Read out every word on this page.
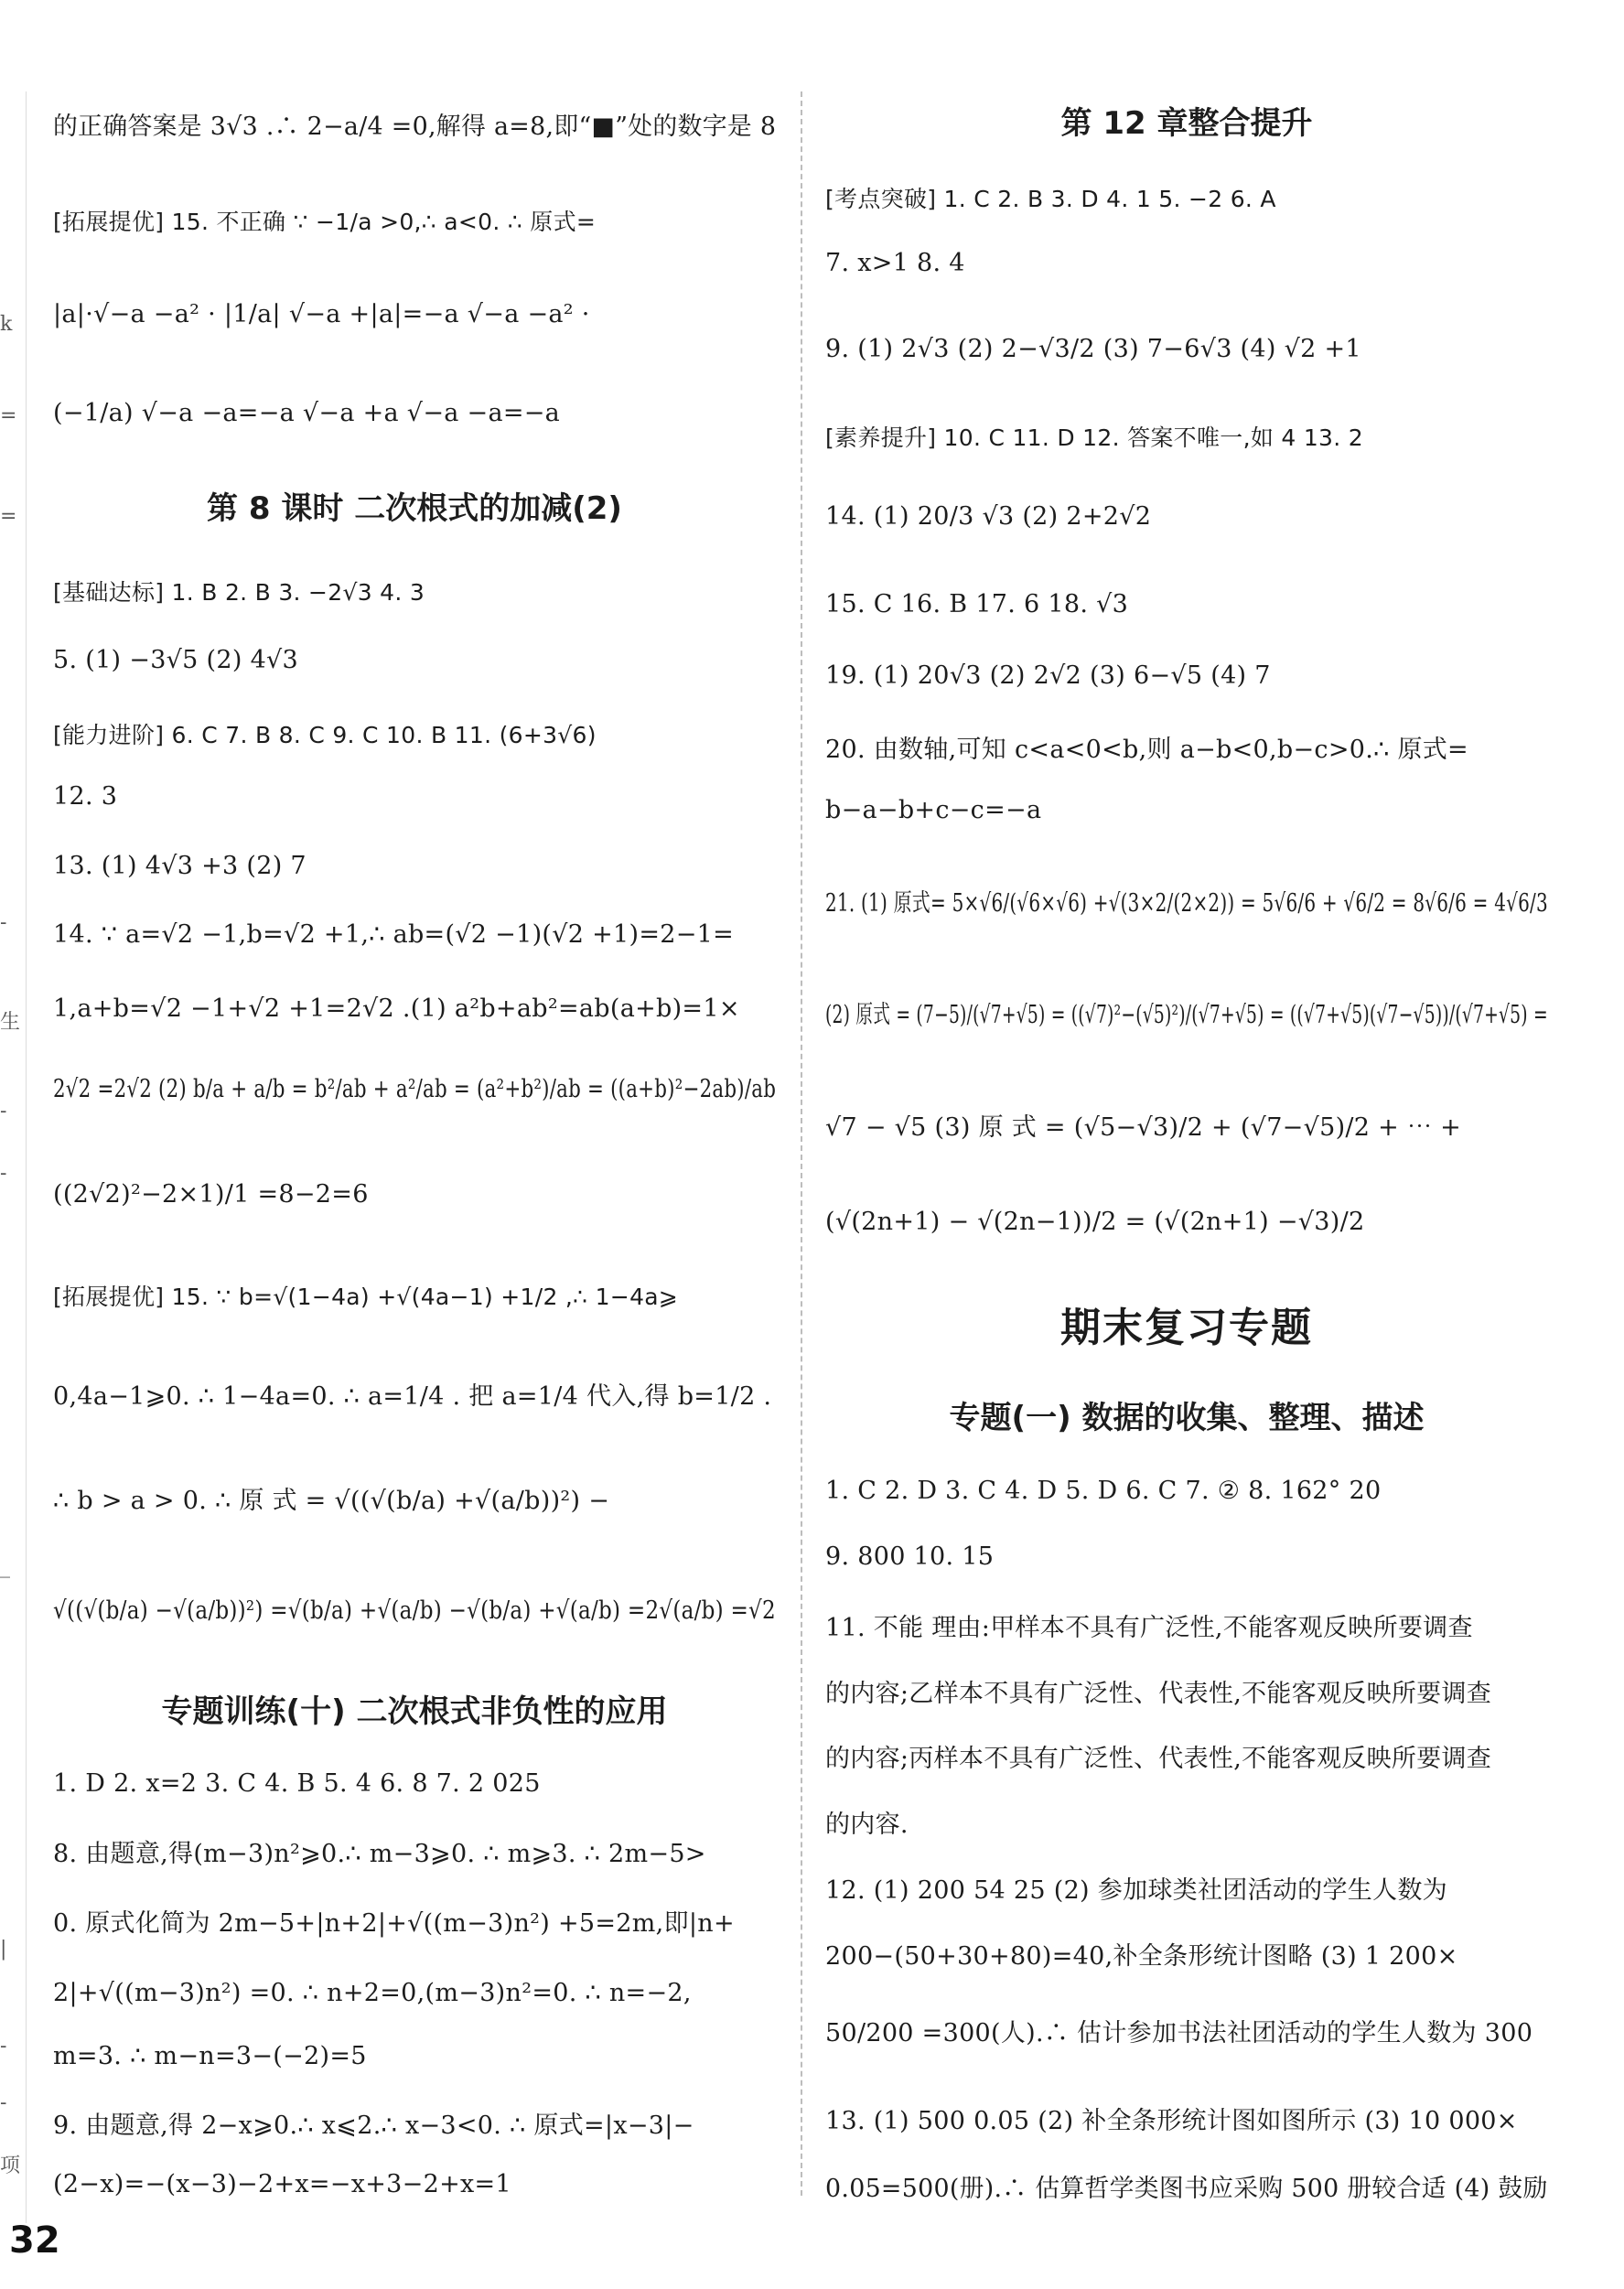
的正确答案是 3√3 .∴ 2−a/4 =0,解得 a=8,即“■”处的数字是 8
[拓展提优] 15. 不正确 ∵ −1/a >0,∴ a<0. ∴ 原式=
|a|·√−a −a² · |1/a| √−a +|a|=−a √−a −a² ·
(−1/a) √−a −a=−a √−a +a √−a −a=−a
第 8 课时 二次根式的加减(2)
[基础达标] 1. B 2. B 3. −2√3 4. 3
5. (1) −3√5 (2) 4√3
[能力进阶] 6. C 7. B 8. C 9. C 10. B 11. (6+3√6)
12. 3
13. (1) 4√3 +3 (2) 7
14. ∵ a=√2 −1,b=√2 +1,∴ ab=(√2 −1)(√2 +1)=2−1=
1,a+b=√2 −1+√2 +1=2√2 .(1) a²b+ab²=ab(a+b)=1×
2√2 =2√2 (2) b/a + a/b = b²/ab + a²/ab = (a²+b²)/ab = ((a+b)²−2ab)/ab
((2√2)²−2×1)/1 =8−2=6
[拓展提优] 15. ∵ b=√(1−4a) +√(4a−1) +1/2 ,∴ 1−4a⩾
0,4a−1⩾0. ∴ 1−4a=0. ∴ a=1/4 . 把 a=1/4 代入,得 b=1/2 .
∴ b > a > 0. ∴ 原 式 = √((√(b/a) +√(a/b))²) −
√((√(b/a) −√(a/b))²) =√(b/a) +√(a/b) −√(b/a) +√(a/b) =2√(a/b) =√2
专题训练(十) 二次根式非负性的应用
1. D 2. x=2 3. C 4. B 5. 4 6. 8 7. 2 025
8. 由题意,得(m−3)n²⩾0.∴ m−3⩾0. ∴ m⩾3. ∴ 2m−5>
0. 原式化简为 2m−5+|n+2|+√((m−3)n²) +5=2m,即|n+
2|+√((m−3)n²) =0. ∴ n+2=0,(m−3)n²=0. ∴ n=−2,
m=3. ∴ m−n=3−(−2)=5
9. 由题意,得 2−x⩾0.∴ x⩽2.∴ x−3<0. ∴ 原式=|x−3|−
(2−x)=−(x−3)−2+x=−x+3−2+x=1
第 12 章整合提升
[考点突破] 1. C 2. B 3. D 4. 1 5. −2 6. A
7. x>1 8. 4
9. (1) 2√3 (2) 2−√3/2 (3) 7−6√3 (4) √2 +1
[素养提升] 10. C 11. D 12. 答案不唯一,如 4 13. 2
14. (1) 20/3 √3 (2) 2+2√2
15. C 16. B 17. 6 18. √3
19. (1) 20√3 (2) 2√2 (3) 6−√5 (4) 7
20. 由数轴,可知 c<a<0<b,则 a−b<0,b−c>0.∴ 原式=
b−a−b+c−c=−a
21. (1) 原式= 5×√6/(√6×√6) +√(3×2/(2×2)) = 5√6/6 + √6/2 = 8√6/6 = 4√6/3
(2) 原式 = (7−5)/(√7+√5) = ((√7)²−(√5)²)/(√7+√5) = ((√7+√5)(√7−√5))/(√7+√5) =
√7 − √5 (3) 原 式 = (√5−√3)/2 + (√7−√5)/2 + ⋯ +
(√(2n+1) − √(2n−1))/2 = (√(2n+1) −√3)/2
期末复习专题
专题(一) 数据的收集、整理、描述
1. C 2. D 3. C 4. D 5. D 6. C 7. ② 8. 162° 20
9. 800 10. 15
11. 不能 理由:甲样本不具有广泛性,不能客观反映所要调查
的内容;乙样本不具有广泛性、代表性,不能客观反映所要调查
的内容;丙样本不具有广泛性、代表性,不能客观反映所要调查
的内容.
12. (1) 200 54 25 (2) 参加球类社团活动的学生人数为
200−(50+30+80)=40,补全条形统计图略 (3) 1 200×
50/200 =300(人).∴ 估计参加书法社团活动的学生人数为 300
13. (1) 500 0.05 (2) 补全条形统计图如图所示 (3) 10 000×
0.05=500(册).∴ 估算哲学类图书应采购 500 册较合适 (4) 鼓励
k
=
=
-
生
-
-
_
|
-
-
项
32
